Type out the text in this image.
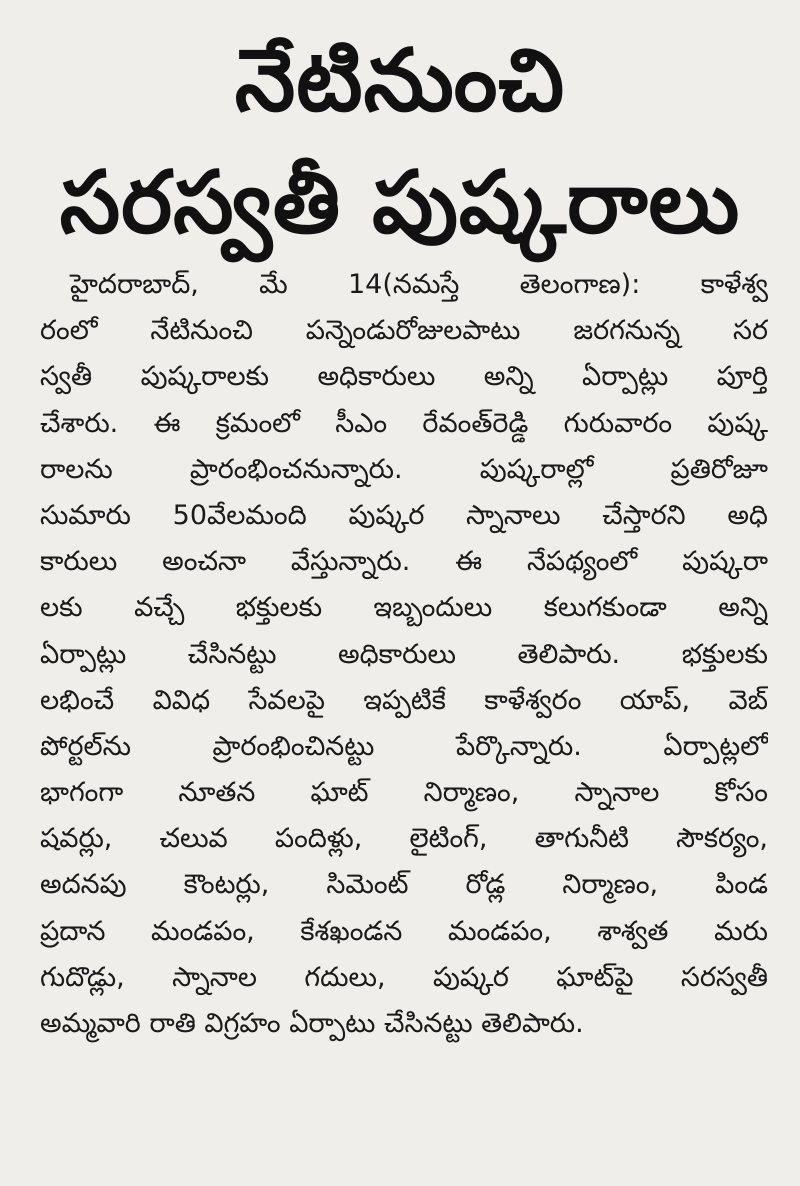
నేటినుంచి
సరస్వతీ పుష్కరాలు
హైదరాబాద్, మే 14(నమస్తే తెలంగాణ): కాళేశ్వ
రంలో నేటినుంచి పన్నెండురోజులపాటు జరగనున్న సర
స్వతీ పుష్కరాలకు అధికారులు అన్ని ఏర్పాట్లు పూర్తి
చేశారు. ఈ క్రమంలో సీఎం రేవంత్‌రెడ్డి గురువారం పుష్క
రాలను ప్రారంభించనున్నారు. పుష్కరాల్లో ప్రతిరోజూ
సుమారు 50వేలమంది పుష్కర స్నానాలు చేస్తారని అధి
కారులు అంచనా వేస్తున్నారు. ఈ నేపథ్యంలో పుష్కరా
లకు వచ్చే భక్తులకు ఇబ్బందులు కలుగకుండా అన్ని
ఏర్పాట్లు చేసినట్టు అధికారులు తెలిపారు. భక్తులకు
లభించే వివిధ సేవలపై ఇప్పటికే కాళేశ్వరం యాప్, వెబ్
పోర్టల్‌ను ప్రారంభించినట్టు పేర్కొన్నారు. ఏర్పాట్లలో
భాగంగా నూతన ఘాట్ నిర్మాణం, స్నానాల కోసం
షవర్లు, చలువ పందిళ్లు, లైటింగ్, తాగునీటి సౌకర్యం,
అదనపు కౌంటర్లు, సిమెంట్ రోడ్ల నిర్మాణం, పిండ
ప్రదాన మండపం, కేశఖండన మండపం, శాశ్వత మరు
గుదొడ్లు, స్నానాల గదులు, పుష్కర ఘాట్‌పై సరస్వతీ
అమ్మవారి రాతి విగ్రహం ఏర్పాటు చేసినట్టు తెలిపారు.
